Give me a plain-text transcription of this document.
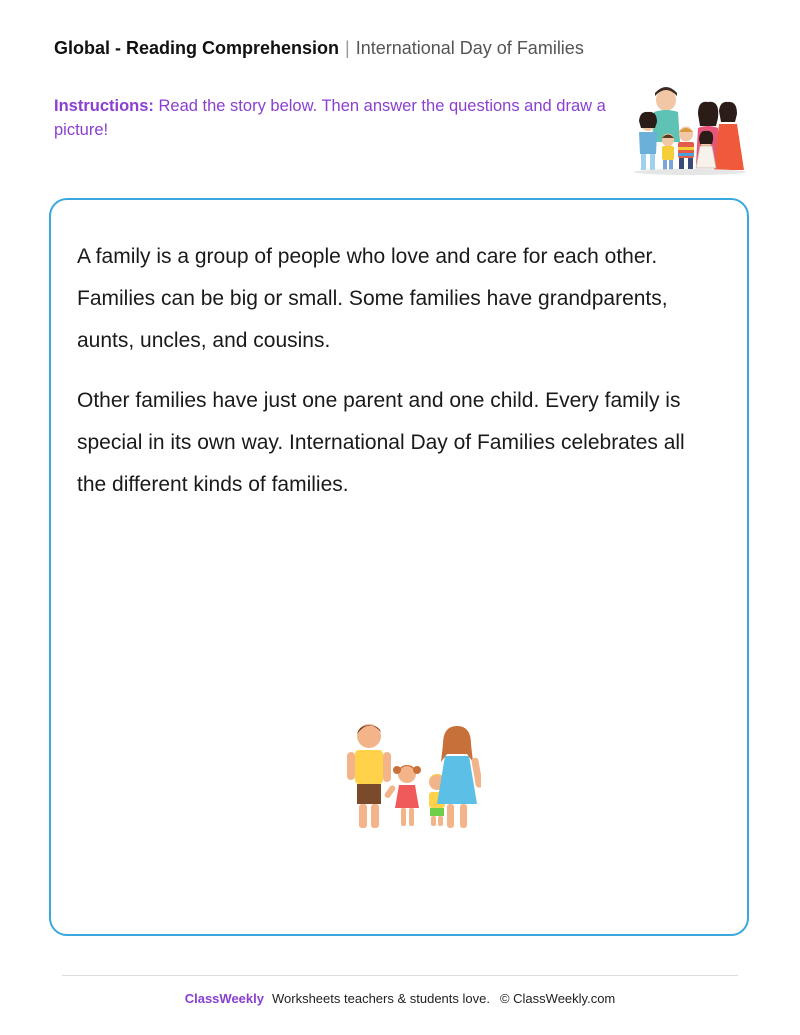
Global - Reading Comprehension | International Day of Families
Instructions: Read the story below. Then answer the questions and draw a picture!

A family is a group of people who love and care for each other. Families can be big or small. Some families have grandparents, aunts, uncles, and cousins.

Other families have just one parent and one child. Every family is special in its own way. International Day of Families celebrates all the different kinds of families.

ClassWeekly Worksheets teachers & students love. © ClassWeekly.com
